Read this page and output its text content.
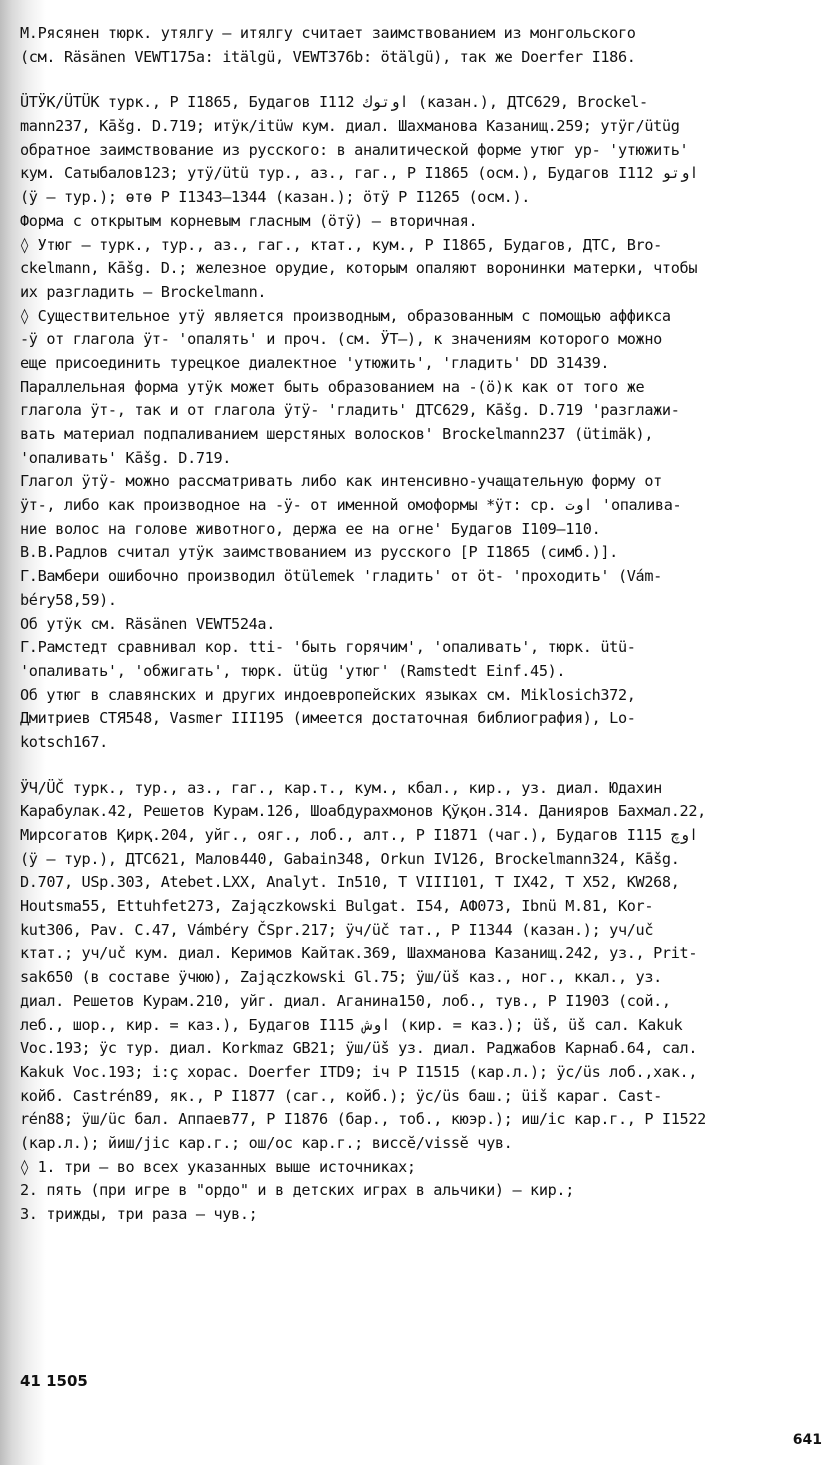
М.Рясянен тюрк. утялгу – итялгу считает заимствованием из монгольского
(см. Räsänen VEWT175а: itälgü, VEWT376b: ötälgü), так же Doerfer I186.
ÜТӰК/ÜТÜK турк., Р I1865, Будагов I112 اوتوك (казан.), ДТС629, Brockel-
mann237, Kāšg. D.719; итӱк/itüw кум. диал. Шахманова Казанищ.259; утӱг/ütüg
обратное заимствование из русского: в аналитической форме утюг ур- 'утюжить'
кум. Сатыбалов123; утӱ/ütü тур., аз., гаг., Р I1865 (осм.), Будагов I112 اوتو
(ӱ – тур.); өтө Р I1343–1344 (казан.); ӧтӱ Р I1265 (осм.).
Форма с открытым корневым гласным (ӧтӱ) – вторичная.
◊ Утюг – турк., тур., аз., гаг., ктат., кум., Р I1865, Будагов, ДТС, Bro-
ckelmann, Kāšg. D.; железное орудие, которым опаляют воронинки матерки, чтобы
их разгладить – Brockelmann.
◊ Существительное утӱ является производным, образованным с помощью аффикса
-ӱ от глагола ӱт- 'опалять' и проч. (см. ӰТ–), к значениям которого можно
еще присоединить турецкое диалектное 'утюжить', 'гладить' DD 31439.
Параллельная форма утӱк может быть образованием на -(ӧ)к как от того же
глагола ӱт-, так и от глагола ӱтӱ- 'гладить' ДТС629, Kāšg. D.719 'разглажи-
вать материал подпаливанием шерстяных волосков' Brockelmann237 (ütimäk),
'опаливать' Kāšg. D.719.
Глагол ӱтӱ- можно рассматривать либо как интенсивно-учащательную форму от
ӱт-, либо как производное на -ӱ- от именной омоформы *ӱт: ср. اوت 'опалива-
ние волос на голове животного, держа ее на огне' Будагов I109–110.
В.В.Радлов считал утӱк заимствованием из русского [Р I1865 (симб.)].
Г.Вамбери ошибочно производил ötülemek 'гладить' от öt- 'проходить' (Vám-
béry58,59).
Об утӱк см. Räsänen VEWT524а.
Г.Рамстедт сравнивал кор. tti- 'быть горячим', 'опаливать', тюрк. ütü-
'опаливать', 'обжигать', тюрк. ütüg 'утюг' (Ramstedt Einf.45).
Об утюг в славянских и других индоевропейских языках см. Miklosich372,
Дмитриев СТЯ548, Vasmer III195 (имеется достаточная библиография), Lo-
kotsch167.
ӰЧ/ÜČ турк., тур., аз., гаг., кар.т., кум., кбал., кир., уз. диал. Юдахин
Карабулак.42, Решетов Курам.126, Шоабдурахмонов Қўқон.314. Данияров Бахмал.22,
Мирсогатов Қирқ.204, уйг., ояг., лоб., алт., Р I1871 (чаг.), Будагов I115 اوچ
(ӱ – тур.), ДТС621, Малов440, Gabain348, Orkun IV126, Brockelmann324, Kāšg.
D.707, USp.303, Atebet.LXX, Analyt. In510, T VIII101, T IX42, T X52, KW268,
Houtsma55, Ettuhfet273, Zajączkowski Bulgat. I54, АФ073, Ibnü M.81, Kor-
kut306, Pav. C.47, Vámbéry ČSpr.217; ӱч/üč тат., Р I1344 (казан.); уч/uč
ктат.; уч/uč кум. диал. Керимов Кайтак.369, Шахманова Казанищ.242, уз., Prit-
sak650 (в составе ӱчюю), Zajączkowski Gl.75; ӱш/üš каз., ног., ккал., уз.
диал. Решетов Курам.210, уйг. диал. Аганина150, лоб., тув., Р I1903 (сой.,
леб., шор., кир. = каз.), Будагов I115 اوش (кир. = каз.); üš, üš сал. Kakuk
Voc.193; ӱс тур. диал. Korkmaz GB21; ӱш/üš уз. диал. Раджабов Карнаб.64, сал.
Kakuk Voc.193; i:ç хорас. Doerfer ITD9; iч Р I1515 (кар.л.); ӱс/üs лоб.,хак.,
койб. Castrén89, як., Р I1877 (саг., койб.); ӱс/üs баш.; üiš караг. Cast-
rén88; ӱш/üc бал. Аппаев77, Р I1876 (бар., тоб., кюэр.); иш/ic кар.г., Р I1522
(кар.л.); йиш/jic кар.г.; ош/oc кар.г.; виссӗ/vissĕ чув.
◊ 1. три – во всех указанных выше источниках;
2. пять (при игре в "ордо" и в детских играх в альчики) – кир.;
3. трижды, три раза – чув.;
41 1505
641
